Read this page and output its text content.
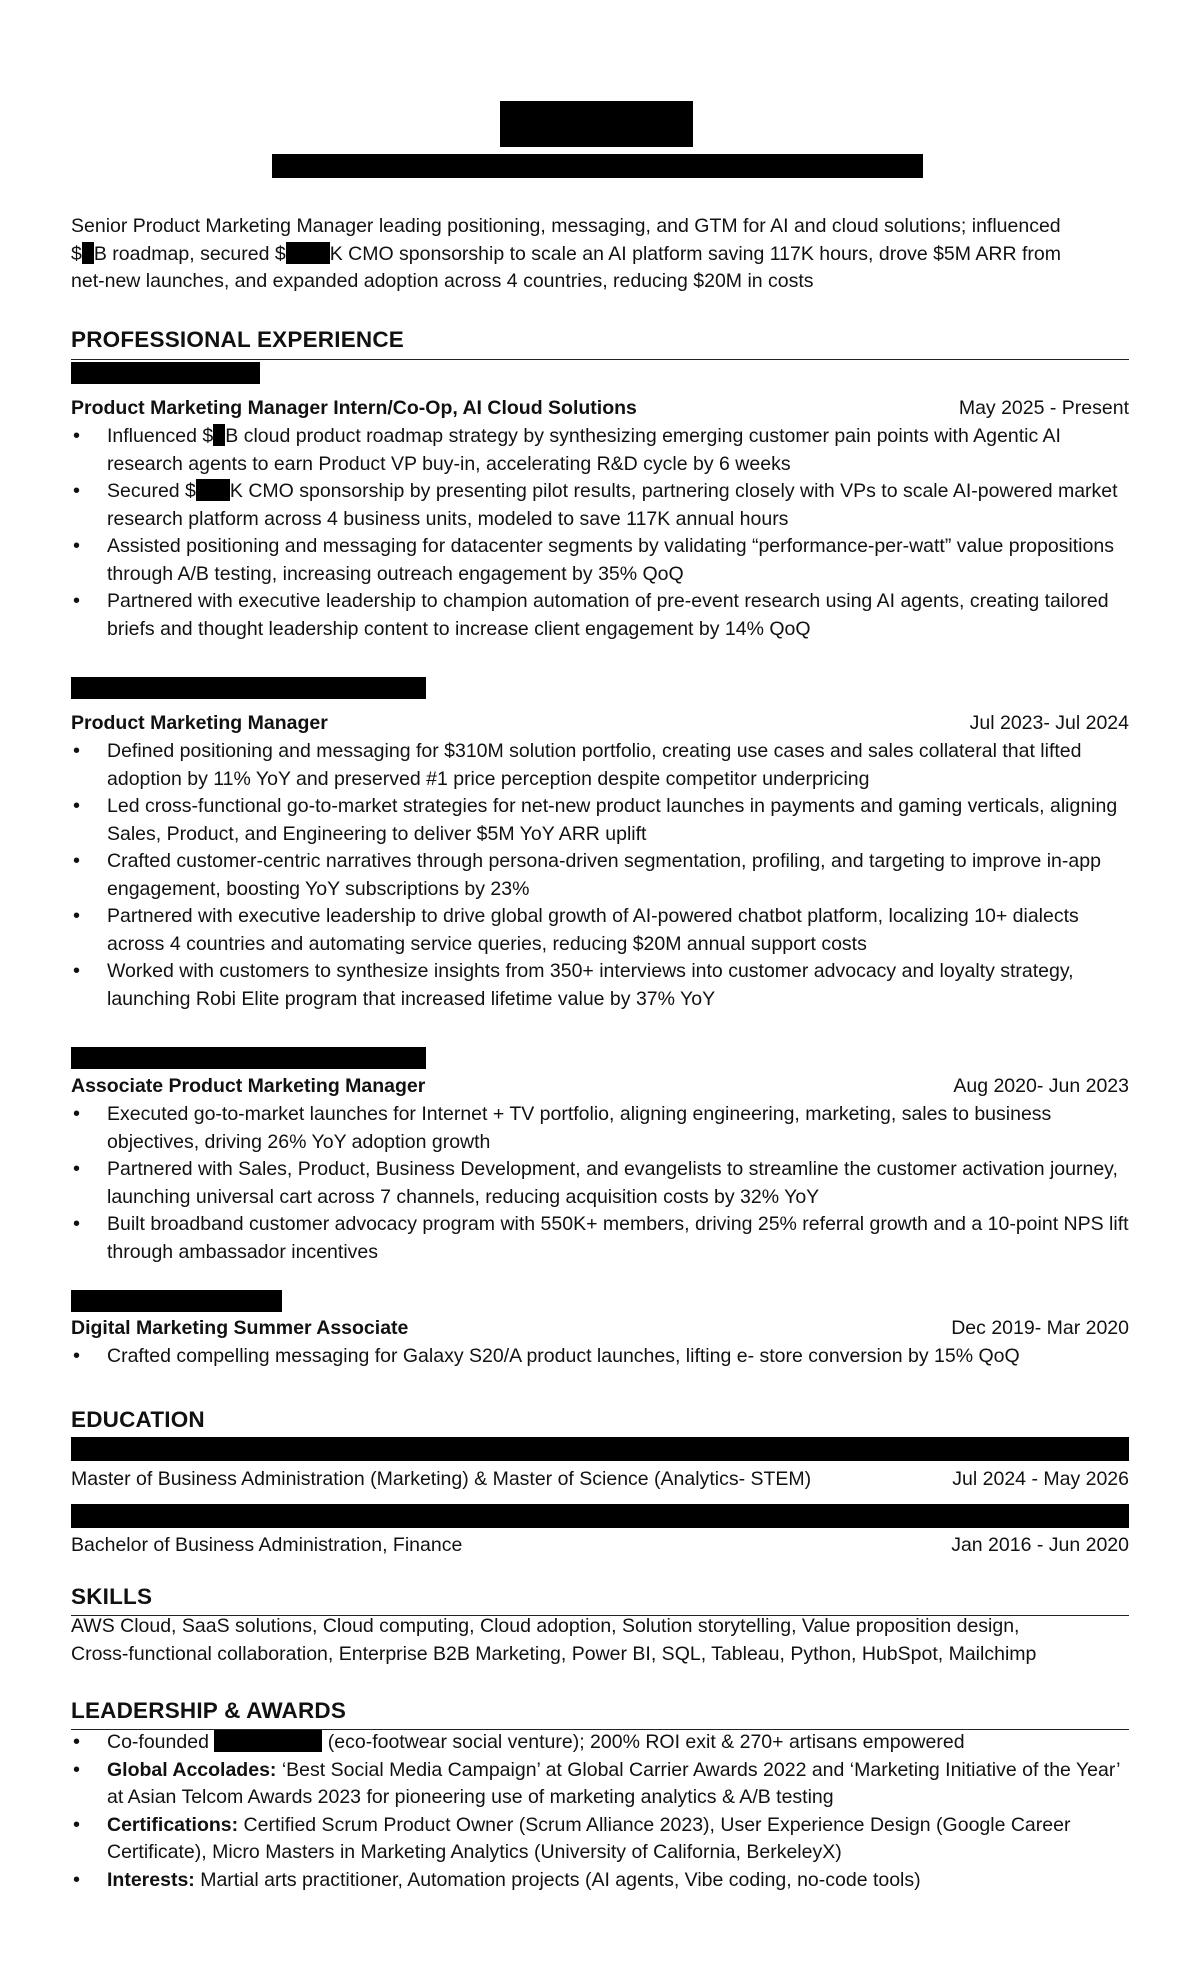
Senior Product Marketing Manager leading positioning, messaging, and GTM for AI and cloud solutions; influenced
$ B roadmap, secured $ K CMO sponsorship to scale an AI platform saving 117K hours, drove $5M ARR from
net-new launches, and expanded adoption across 4 countries, reducing $20M in costs
PROFESSIONAL EXPERIENCE
Product Marketing Manager Intern/Co-Op, AI Cloud Solutions	May 2025 - Present
• Influenced $ B cloud product roadmap strategy by synthesizing emerging customer pain points with Agentic AI research agents to earn Product VP buy-in, accelerating R&D cycle by 6 weeks
• Secured $ K CMO sponsorship by presenting pilot results, partnering closely with VPs to scale AI-powered market research platform across 4 business units, modeled to save 117K annual hours
• Assisted positioning and messaging for datacenter segments by validating “performance-per-watt” value propositions through A/B testing, increasing outreach engagement by 35% QoQ
• Partnered with executive leadership to champion automation of pre-event research using AI agents, creating tailored briefs and thought leadership content to increase client engagement by 14% QoQ
Product Marketing Manager	Jul 2023- Jul 2024
• Defined positioning and messaging for $310M solution portfolio, creating use cases and sales collateral that lifted adoption by 11% YoY and preserved #1 price perception despite competitor underpricing
• Led cross-functional go-to-market strategies for net-new product launches in payments and gaming verticals, aligning Sales, Product, and Engineering to deliver $5M YoY ARR uplift
• Crafted customer-centric narratives through persona-driven segmentation, profiling, and targeting to improve in-app engagement, boosting YoY subscriptions by 23%
• Partnered with executive leadership to drive global growth of AI-powered chatbot platform, localizing 10+ dialects across 4 countries and automating service queries, reducing $20M annual support costs
• Worked with customers to synthesize insights from 350+ interviews into customer advocacy and loyalty strategy, launching Robi Elite program that increased lifetime value by 37% YoY
Associate Product Marketing Manager	Aug 2020- Jun 2023
• Executed go-to-market launches for Internet + TV portfolio, aligning engineering, marketing, sales to business objectives, driving 26% YoY adoption growth
• Partnered with Sales, Product, Business Development, and evangelists to streamline the customer activation journey, launching universal cart across 7 channels, reducing acquisition costs by 32% YoY
• Built broadband customer advocacy program with 550K+ members, driving 25% referral growth and a 10-point NPS lift through ambassador incentives
Digital Marketing Summer Associate	Dec 2019- Mar 2020
• Crafted compelling messaging for Galaxy S20/A product launches, lifting e- store conversion by 15% QoQ
EDUCATION
Master of Business Administration (Marketing) & Master of Science (Analytics- STEM)	Jul 2024 - May 2026
Bachelor of Business Administration, Finance	Jan 2016 - Jun 2020
SKILLS
AWS Cloud, SaaS solutions, Cloud computing, Cloud adoption, Solution storytelling, Value proposition design,
Cross-functional collaboration, Enterprise B2B Marketing, Power BI, SQL, Tableau, Python, HubSpot, Mailchimp
LEADERSHIP & AWARDS
• Co-founded	(eco-footwear social venture); 200% ROI exit & 270+ artisans empowered
• Global Accolades: ‘Best Social Media Campaign’ at Global Carrier Awards 2022 and ‘Marketing Initiative of the Year’ at Asian Telcom Awards 2023 for pioneering use of marketing analytics & A/B testing
• Certifications: Certified Scrum Product Owner (Scrum Alliance 2023), User Experience Design (Google Career Certificate), Micro Masters in Marketing Analytics (University of California, BerkeleyX)
• Interests: Martial arts practitioner, Automation projects (AI agents, Vibe coding, no-code tools)
